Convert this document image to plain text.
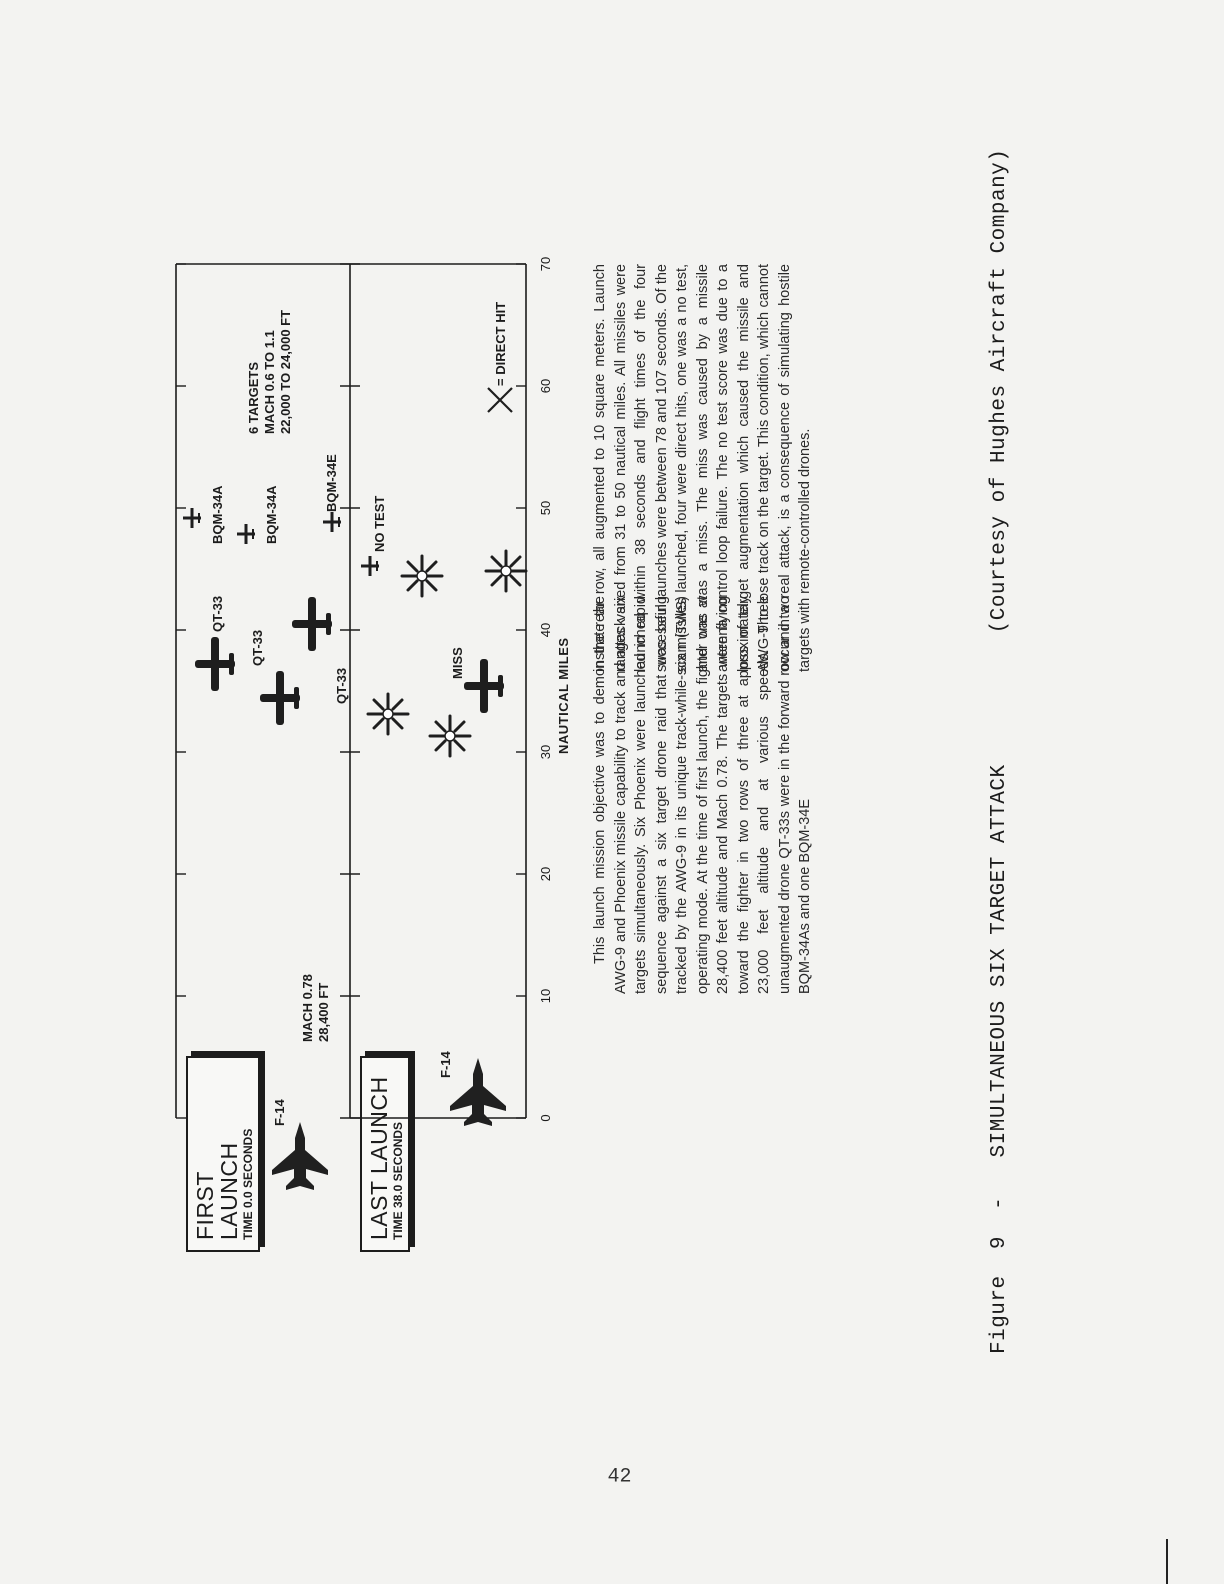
FIRST LAUNCH TIME 0.0 SECONDS	LAST LAUNCH TIME 38.0 SECONDS
0
10
20
30
40
50
60
70
NAUTICAL MILES
F-14
MACH 0.78 28,400 FT
QT-33
QT-33
QT-33
BQM-34A	BQM-34A
BQM-34E
6 TARGETS MACH 0.6 TO 1.1 22,000 TO 24,000 FT
F-14
MISS
NO TEST
= DIRECT HIT

This launch mission objective was to demonstrate the AWG-9 and Phoenix missile capability to track and attack six targets simultaneously. Six Phoenix were launched in rapid sequence against a six target drone raid that was being tracked by the AWG-9 in its unique track-while-scan (TWS) operating mode. At the time of first launch, the fighter was at 28,400 feet altitude and Mach 0.78. The targets were flying toward the fighter in two rows of three at approximately 23,000 feet altitude and at various speeds. Three unaugmented drone QT-33s were in the forward row and two BQM-34As and one BQM-34E

in the rear row, all augmented to 10 square meters. Launch ranges varied from 31 to 50 nautical miles. All missiles were launched within 38 seconds and flight times of the four successful launches were between 78 and 107 seconds. Of the six missiles launched, four were direct hits, one was a no test, and one was a miss. The miss was caused by a missile antenna control loop failure. The no test score was due to a loss of target augmentation which caused the missile and AWG-9 to lose track on the target. This condition, which cannot occur in a real attack, is a consequence of simulating hostile targets with remote-controlled drones.	Figure  9  -   SIMULTANEOUS SIX TARGET ATTACK          (Courtesy of Hughes Aircraft Company)
42
